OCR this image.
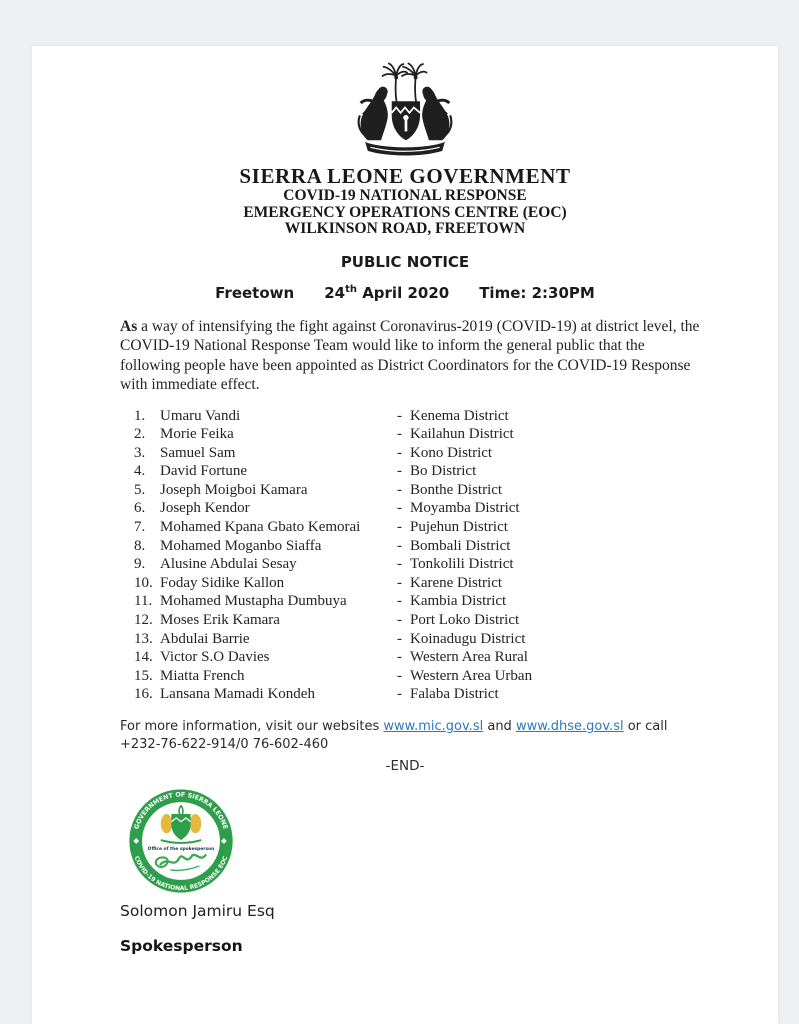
SIERRA LEONE GOVERNMENT
COVID-19 NATIONAL RESPONSE
EMERGENCY OPERATIONS CENTRE (EOC)
WILKINSON ROAD, FREETOWN
PUBLIC NOTICE
Freetown 24th April 2020 Time: 2:30PM
As a way of intensifying the fight against Coronavirus-2019 (COVID-19) at district level, the COVID-19 National Response Team would like to inform the general public that the following people have been appointed as District Coordinators for the COVID-19 Response with immediate effect.
1. Umaru Vandi	- Kenema District
2. Morie Feika	- Kailahun District
3. Samuel Sam	- Kono District
4. David Fortune	- Bo District
5. Joseph Moigboi Kamara	- Bonthe District
6. Joseph Kendor	- Moyamba District
7. Mohamed Kpana Gbato Kemorai	- Pujehun District
8. Mohamed Moganbo Siaffa	- Bombali District
9. Alusine Abdulai Sesay	- Tonkolili District
10. Foday Sidike Kallon	- Karene District
11. Mohamed Mustapha Dumbuya	- Kambia District
12. Moses Erik Kamara	- Port Loko District
13. Abdulai Barrie	- Koinadugu District
14. Victor S.O Davies	- Western Area Rural
15. Miatta French	- Western Area Urban
16. Lansana Mamadi Kondeh	- Falaba District
For more information, visit our websites www.mic.gov.sl and www.dhse.gov.sl or call
+232-76-622-914/0 76-602-460
-END-
GOVERNMENT OF SIERRA LEONE
COVID-19 NATIONAL RESPONSE EOC
Office of the spokesperson
Solomon Jamiru Esq
Spokesperson
